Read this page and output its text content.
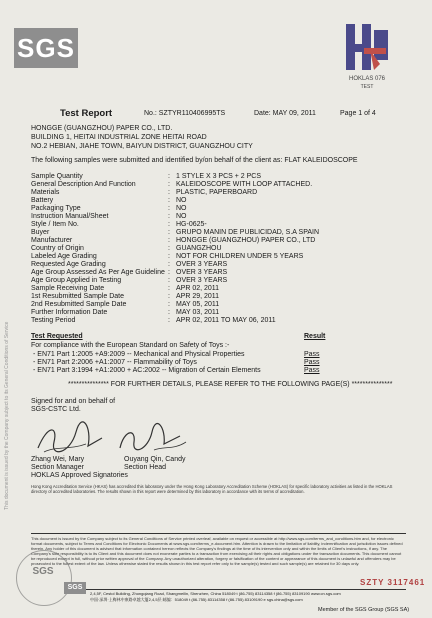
SGS
HOKLAS 076
TEST
This document is issued by the Company subject to its General Conditions of Service
Test Report	No.: SZTYR110406995TS	Date: MAY 09, 2011	Page 1 of 4
HONGGE (GUANGZHOU) PAPER CO., LTD.
BUILDING 1, HEITAI INDUSTRIAL ZONE HEITAI ROAD
NO.2 HEBIAN, JIAHE TOWN, BAIYUN DISTRICT, GUANGZHOU CITY
The following samples were submitted and identified by/on behalf of the client as: FLAT KALEIDOSCOPE
Sample Quantity	: 1 STYLE X 3 PCS + 2 PCS
General Description And Function	: KALEIDOSCOPE WITH LOOP ATTACHED.
Materials	: PLASTIC, PAPERBOARD
Battery	: NO
Packaging Type	: NO
Instruction Manual/Sheet	: NO
Style / Item No.	: HG-0625-
Buyer	: GRUPO MANIN DE PUBLICIDAD, S.A SPAIN
Manufacturer	: HONGGE (GUANGZHOU) PAPER CO., LTD
Country of Origin	: GUANGZHOU
Labeled Age Grading	: NOT FOR CHILDREN UNDER 5 YEARS
Requested Age Grading	: OVER 3 YEARS
Age Group Assessed As Per Age Guideline : OVER 3 YEARS
Age Group Applied in Testing	: OVER 3 YEARS
Sample Receiving Date	: APR 02, 2011
1st Resubmitted Sample Date	: APR 29, 2011
2nd Resubmitted Sample Date	: MAY 05, 2011
Further Information Date	: MAY 03, 2011
Testing Period	: APR 02, 2011 TO MAY 06, 2011
Test Requested	Result
For compliance with the European Standard on Safety of Toys :-
- EN71 Part 1:2005 +A9:2009 -- Mechanical and Physical Properties	Pass
- EN71 Part 2:2006 +A1:2007 -- Flammability of Toys	Pass
- EN71 Part 3:1994 +A1:2000 + AC:2002 -- Migration of Certain Elements	Pass
*************** FOR FURTHER DETAILS, PLEASE REFER TO THE FOLLOWING PAGE(S) ***************
Signed for and on behalf of
SGS-CSTC Ltd.
Zhang Wei, Mary
Section Manager
Ouyang Qin, Candy
Section Head
HOKLAS Approved Signatories
Hong Kong Accreditation Service (HKAS) has accredited this laboratory under the Hong Kong Laboratory Accreditation Scheme (HOKLAS) for specific laboratory activities as listed in the HOKLAS directory of accredited laboratories. The results shown in this report were determined by this laboratory in accordance with its terms of accreditation.
This document is issued by the Company subject to its General Conditions of Service printed overleaf, available on request or accessible at http://www.sgs.com/terms_and_conditions.htm and, for electronic format documents, subject to Terms and Conditions for Electronic Documents at www.sgs.com/terms_e-document.htm. Attention is drawn to the limitation of liability, indemnification and jurisdiction issues defined therein. Any holder of this document is advised that information contained hereon reflects the Company's findings at the time of its intervention only and within the limits of Client's instructions, if any. The Company's sole responsibility is to its Client and this document does not exonerate parties to a transaction from exercising all their rights and obligations under the transaction documents. This document cannot be reproduced except in full, without prior written approval of the Company. Any unauthorized alteration, forgery or falsification of the content or appearance of this document is unlawful and offenders may be prosecuted to the fullest extent of the law. Unless otherwise stated the results shown in this test report refer only to the sample(s) tested and such sample(s) are retained for 30 days only.
SGS
SZTY 3117461
SGS
2,4,5F, Cestol Building, Zhongqiang Road, Shangmeilin, Shenzhen, China 518049 t (86-755) 83114358 f (86-755) 83109190 www.cn.sgs.com
中国·深圳·上梅林中康路卓越大厦2,4,5层 邮编：518049 t (86-755) 83114358 f (86-755) 83109190 e sgs.china@sgs.com
Member of the SGS Group (SGS SA)
